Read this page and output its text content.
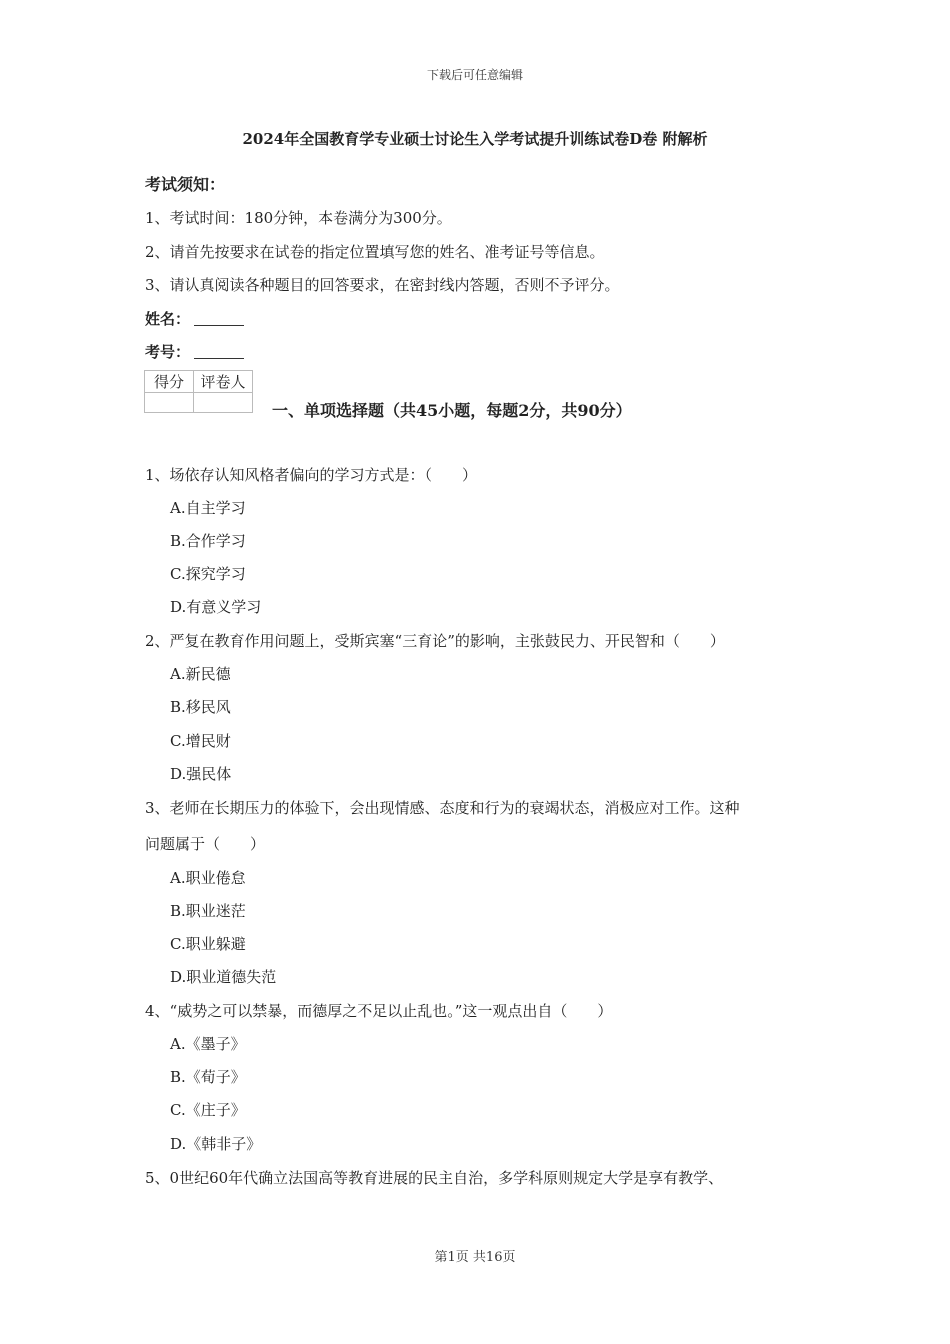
下载后可任意编辑
2024年全国教育学专业硕士讨论生入学考试提升训练试卷D卷 附解析
考试须知：
1、考试时间：180分钟，本卷满分为300分。
2、请首先按要求在试卷的指定位置填写您的姓名、准考证号等信息。
3、请认真阅读各种题目的回答要求，在密封线内答题，否则不予评分。
姓名：
考号：
得分	评卷人

一、单项选择题（共45小题，每题2分，共90分）
1、场依存认知风格者偏向的学习方式是：（　　）
A.自主学习
B.合作学习
C.探究学习
D.有意义学习
2、严复在教育作用问题上，受斯宾塞“三育论”的影响，主张鼓民力、开民智和（　　）
A.新民德
B.移民风
C.增民财
D.强民体
3、老师在长期压力的体验下，会出现情感、态度和行为的衰竭状态，消极应对工作。这种
问题属于（　　）
A.职业倦怠
B.职业迷茫
C.职业躲避
D.职业道德失范
4、“威势之可以禁暴，而德厚之不足以止乱也。”这一观点出自（　　）
A.《墨子》
B.《荀子》
C.《庄子》
D.《韩非子》
5、0世纪60年代确立法国高等教育进展的民主自治，多学科原则规定大学是享有教学、
第1页 共16页
